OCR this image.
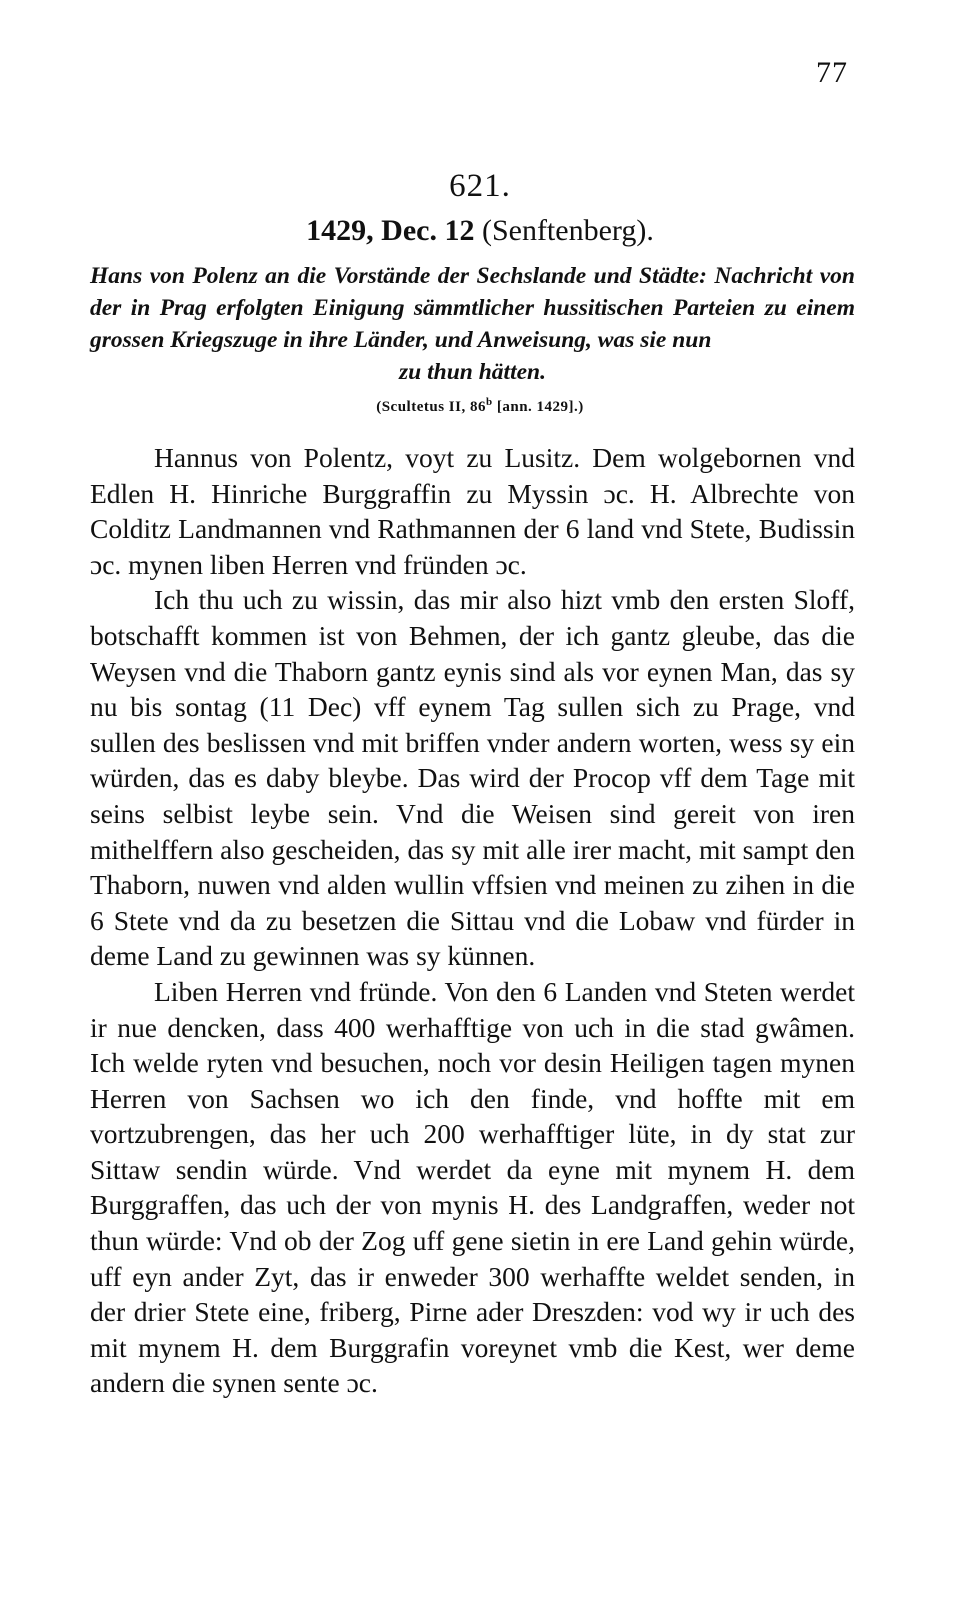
77
621.
1429, Dec. 12 (Senftenberg).
Hans von Polenz an die Vorstände der Sechslande und Städte: Nachricht von der in Prag erfolgten Einigung sämmtlicher hussitischen Parteien zu einem grossen Kriegszuge in ihre Länder, und Anweisung, was sie nun
zu thun hätten.
(Scultetus II, 86$^b$ [ann. 1429].)

Hannus von Polentz, voyt zu Lusitz. Dem wolgebornen vnd Edlen H. Hinriche Burggraffin zu Myssin ɔc. H. Albrechte von Colditz Landmannen vnd Rathmannen der 6 land vnd Stete, Budissin ɔc. mynen liben Herren vnd fründen ɔc.

Ich thu uch zu wissin, das mir also hizt vmb den ersten Sloff, botschafft kommen ist von Behmen, der ich gantz gleube, das die Weysen vnd die Thaborn gantz eynis sind als vor eynen Man, das sy nu bis sontag (11 Dec) vff eynem Tag sullen sich zu Prage, vnd sullen des beslissen vnd mit briffen vnder andern worten, wess sy ein würden, das es daby bleybe. Das wird der Procop vff dem Tage mit seins selbist leybe sein. Vnd die Weisen sind gereit von iren mithelffern also gescheiden, das sy mit alle irer macht, mit sampt den Thaborn, nuwen vnd alden wullin vffsien vnd meinen zu zihen in die 6 Stete vnd da zu besetzen die Sittau vnd die Lobaw vnd fürder in deme Land zu gewinnen was sy künnen.

Liben Herren vnd fründe. Von den 6 Landen vnd Steten werdet ir nue dencken, dass 400 werhafftige von uch in die stad gwâmen. Ich welde ryten vnd besuchen, noch vor desin Heiligen tagen mynen Herren von Sachsen wo ich den finde, vnd hoffte mit em vortzubrengen, das her uch 200 werhafftiger lüte, in dy stat zur Sittaw sendin würde. Vnd werdet da eyne mit mynem H. dem Burggraffen, das uch der von mynis H. des Landgraffen, weder not thun würde: Vnd ob der Zog uff gene sietin in ere Land gehin würde, uff eyn ander Zyt, das ir enweder 300 werhaffte weldet senden, in der drier Stete eine, friberg, Pirne ader Dreszden: vod wy ir uch des mit mynem H. dem Burggrafin voreynet vmb die Kest, wer deme andern die synen sente ɔc.
